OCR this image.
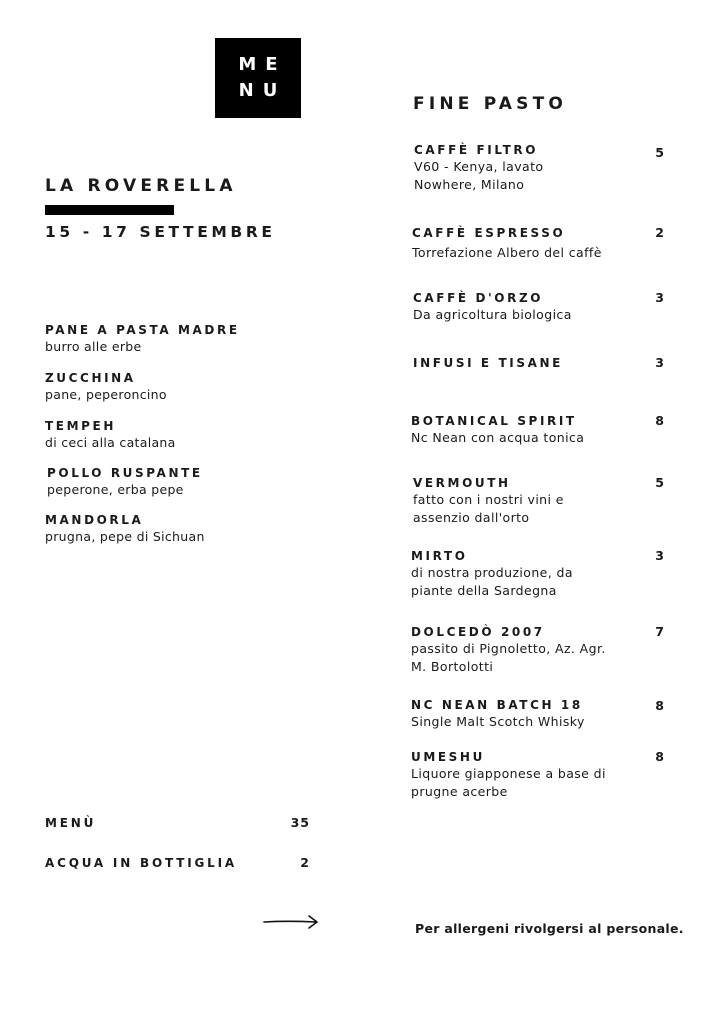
ME
NU
LA ROVERELLA
15 - 17 SETTEMBRE
PANE A PASTA MADRE
burro alle erbe
ZUCCHINA
pane, peperoncino
TEMPEH
di ceci alla catalana
POLLO RUSPANTE
peperone, erba pepe
MANDORLA
prugna, pepe di Sichuan
MENÙ	35
ACQUA IN BOTTIGLIA	2
FINE PASTO
CAFFÈ FILTRO
V60 - Kenya, lavato
Nowhere, Milano
5
CAFFÈ ESPRESSO
Torrefazione Albero del caffè
2
CAFFÈ D'ORZO
Da agricoltura biologica
3
INFUSI E TISANE	3
BOTANICAL SPIRIT
Nc Nean con acqua tonica
8
VERMOUTH
fatto con i nostri vini e
assenzio dall'orto
5
MIRTO
di nostra produzione, da
piante della Sardegna
3
DOLCEDÒ 2007
passito di Pignoletto, Az. Agr.
M. Bortolotti
7
NC NEAN BATCH 18
Single Malt Scotch Whisky
8
UMESHU
Liquore giapponese a base di
prugne acerbe
8
Per allergeni rivolgersi al personale.
